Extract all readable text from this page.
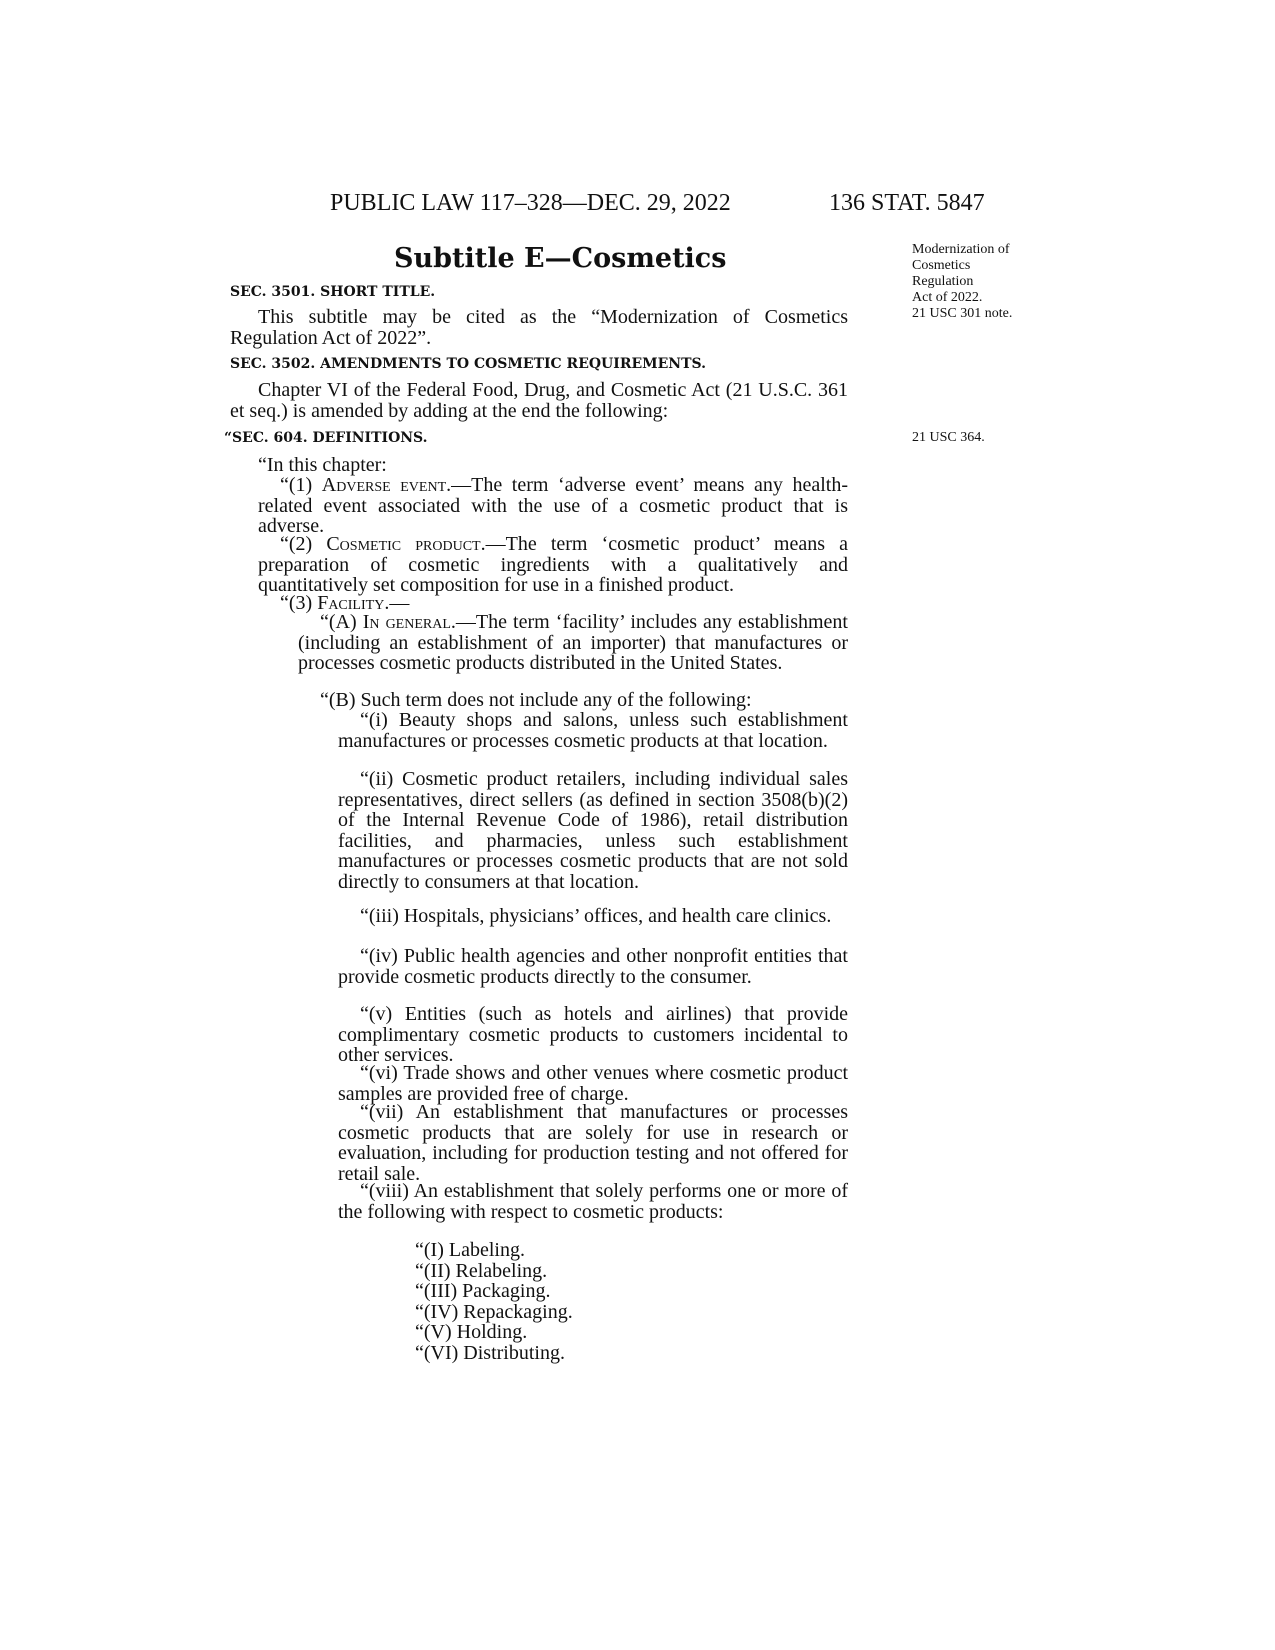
PUBLIC LAW 117–328—DEC. 29, 2022	136 STAT. 5847
Subtitle E—Cosmetics	Modernization of
Cosmetics
Regulation
Act of 2022.
21 USC 301 note.
21 USC 364.
SEC. 3501. SHORT TITLE.
This subtitle may be cited as the “Modernization of Cosmetics Regulation Act of 2022”.
SEC. 3502. AMENDMENTS TO COSMETIC REQUIREMENTS.
Chapter VI of the Federal Food, Drug, and Cosmetic Act (21 U.S.C. 361 et seq.) is amended by adding at the end the following:
“SEC. 604. DEFINITIONS.
“In this chapter:
“(1) Adverse event.—The term ‘adverse event’ means any health-related event associated with the use of a cosmetic product that is adverse.
“(2) Cosmetic product.—The term ‘cosmetic product’ means a preparation of cosmetic ingredients with a qualitatively and quantitatively set composition for use in a finished product.
“(3) Facility.—
“(A) In general.—The term ‘facility’ includes any establishment (including an establishment of an importer) that manufactures or processes cosmetic products distributed in the United States.
“(B) Such term does not include any of the following:
“(i) Beauty shops and salons, unless such establishment manufactures or processes cosmetic products at that location.
“(ii) Cosmetic product retailers, including individual sales representatives, direct sellers (as defined in section 3508(b)(2) of the Internal Revenue Code of 1986), retail distribution facilities, and pharmacies, unless such establishment manufactures or processes cosmetic products that are not sold directly to consumers at that location.
“(iii) Hospitals, physicians’ offices, and health care clinics.
“(iv) Public health agencies and other nonprofit entities that provide cosmetic products directly to the consumer.
“(v) Entities (such as hotels and airlines) that provide complimentary cosmetic products to customers incidental to other services.
“(vi) Trade shows and other venues where cosmetic product samples are provided free of charge.
“(vii) An establishment that manufactures or processes cosmetic products that are solely for use in research or evaluation, including for production testing and not offered for retail sale.
“(viii) An establishment that solely performs one or more of the following with respect to cosmetic products:
“(I) Labeling.
“(II) Relabeling.
“(III) Packaging.
“(IV) Repackaging.
“(V) Holding.
“(VI) Distributing.
